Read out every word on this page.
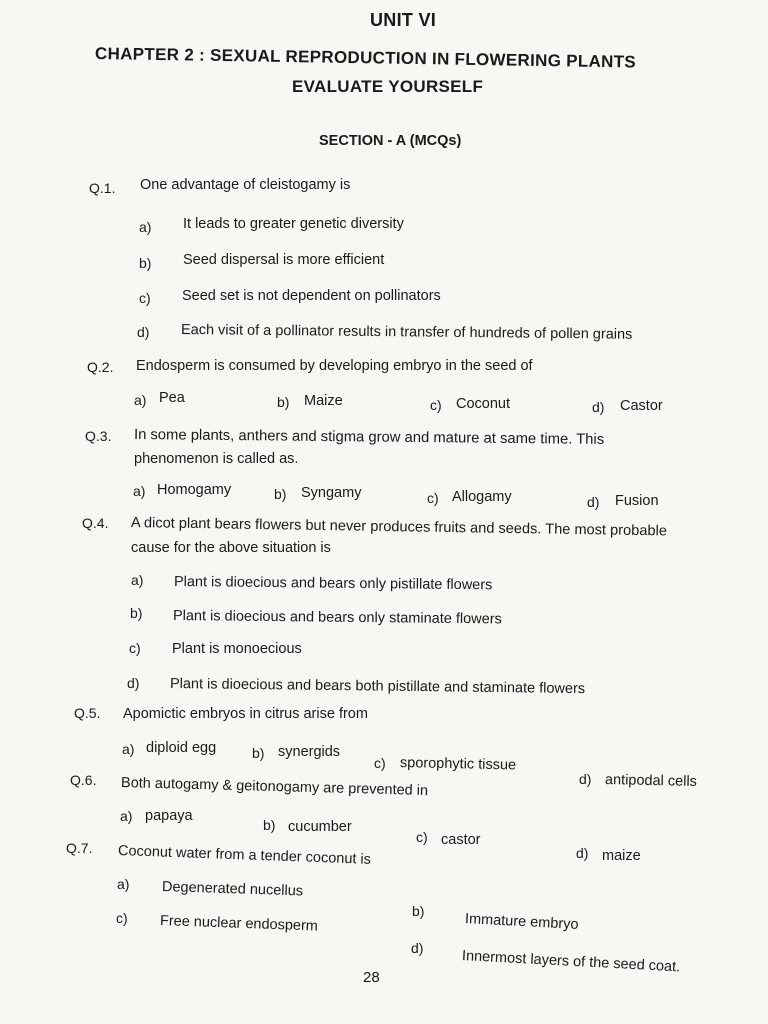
UNIT VI
CHAPTER 2 : SEXUAL REPRODUCTION IN FLOWERING PLANTS
EVALUATE YOURSELF
SECTION - A (MCQs)
Q.1. One advantage of cleistogamy is
a) It leads to greater genetic diversity
b) Seed dispersal is more efficient
c) Seed set is not dependent on pollinators
d) Each visit of a pollinator results in transfer of hundreds of pollen grains
Q.2. Endosperm is consumed by developing embryo in the seed of
a) Pea	b) Maize	c) Coconut	d) Castor
Q.3. In some plants, anthers and stigma grow and mature at same time. This
phenomenon is called as.
a) Homogamy	b) Syngamy	c) Allogamy	d) Fusion
Q.4. A dicot plant bears flowers but never produces fruits and seeds. The most probable
cause for the above situation is
a) Plant is dioecious and bears only pistillate flowers
b) Plant is dioecious and bears only staminate flowers
c) Plant is monoecious
d) Plant is dioecious and bears both pistillate and staminate flowers
Q.5. Apomictic embryos in citrus arise from
a) diploid egg	b) synergids
c) sporophytic tissue
d) antipodal cells
Q.6. Both autogamy & geitonogamy are prevented in
a) papaya
b) cucumber
c) castor
d) maize
Q.7. Coconut water from a tender coconut is
a) Degenerated nucellus
c) Free nuclear endosperm
b)
Immature embryo
d)
Innermost layers of the seed coat.
28
